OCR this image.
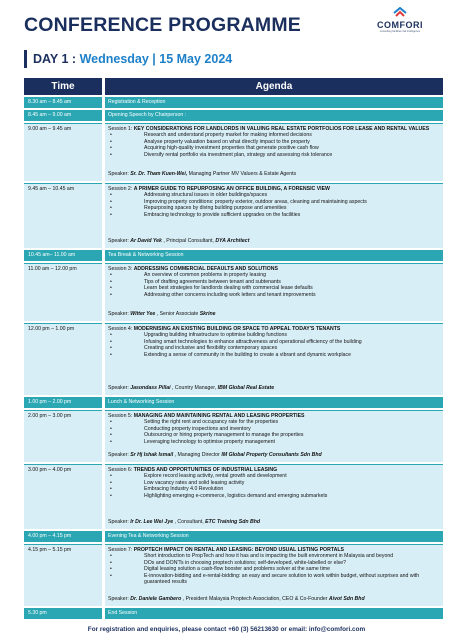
CONFERENCE PROGRAMME	COMFORI
consulting facilities risk intelligence
DAY 1 : Wednesday | 15 May 2024
Time	Agenda
8.30 am – 8.45 am	Registration & Reception
8.45 am – 9.00 am	Opening Speech by Chairperson :
9.00 am – 9.45 am	Session 1: KEY CONSIDERATIONS FOR LANDLORDS IN VALUING REAL ESTATE PORTFOLIOS FOR LEASE AND RENTAL VALUES
•	Research and understand property market for making informed decisions
•	Analyse property valuation based on what directly impact to the property
•	Acquiring high-quality investment properties that generate positive cash flow
•	Diversify rental portfolio via investment plan, strategy and assessing risk tolerance
Speaker: Sr. Dr. Tham Kuen-Wei, Managing Partner MV Valuers & Estate Agents
9.45 am – 10.45 am	Session 2: A PRIMER GUIDE TO REPURPOSING AN OFFICE BUILDING, A FORENSIC VIEW
•	Addressing structural issues in older buildings/spaces
•	Improving property conditions: property exterior, outdoor areas, cleaning and maintaining aspects
•	Repurposing spaces by diving building purpose and amenities
•	Embracing technology to provide sufficient upgrades on the facilities
Speaker: Ar David Yek , Principal Consultant, DYA Architect
10.45 am– 11.00 am	Tea Break & Networking Session
11.00 am – 12.00 pm	Session 3: ADDRESSING COMMERCIAL DEFAULTS AND SOLUTIONS
•	An overview of common problems in property leasing
•	Tips of drafting agreements between tenant and subtenants
•	Learn best strategies for landlords dealing with commercial lease defaults
•	Addressing other concerns including work letters and tenant improvements
Speaker: Witter Yee , Senior Associate Skrine
12.00 pm – 1.00 pm	Session 4: MODERNISING AN EXISTING BUILDING OR SPACE TO APPEAL TODAY'S TENANTS
•	Upgrading building infrastructure to optimise building functions
•	Infusing smart technologies to enhance attractiveness and operational efficiency of the building
•	Creating and inclusive and flexibility contemporary spaces
•	Extending a sense of community in the building to create a vibrant and dynamic workplace
Speaker: Jasondass Pillai , Country Manager, IBM Global Real Estate
1.00 pm – 2.00 pm	Lunch & Networking Session
2.00 pm – 3.00 pm	Session 5: MANAGING AND MAINTAINING RENTAL AND LEASING PROPERTIES
•	Setting the right rent and occupancy rate for the properties
•	Conducting property inspections and inventory
•	Outsourcing or hiring property management to manage the properties
•	Leveraging technology to optimise property management
Speaker: Sr Hj Ishak Ismail , Managing Director IM Global Property Consultants Sdn Bhd
3.00 pm – 4.00 pm	Session 6: TRENDS AND OPPORTUNITIES OF INDUSTRIAL LEASING
•	Explore record leasing activity, rental growth and development
•	Low vacancy rates and solid leasing activity
•	Embracing Industry 4.0 Revolution
•	Highlighting emerging e-commerce, logistics demand and emerging submarkets
Speaker: Ir Dr. Lee Wei Jye , Consultant, ETC Training Sdn Bhd
4.00 pm – 4.15 pm	Evening Tea & Networking Session
4.15 pm – 5.15 pm	Session 7: PROPTECH IMPACT ON RENTAL AND LEASING: BEYOND USUAL LISTING PORTALS
•	Short introduction to PropTech and how it has and is impacting the built environment in Malaysia and beyond
•	DOs and DON'Ts in choosing proptech solutions; self-developed, white-labelled or else?
•	Digital leasing solution a cash-flow booster and problems solver at the same time
•	E-innovation-bidding and e-rental-bidding: an easy and secure solution to work within budget, without surprises and with guaranteed results
Speaker: Dr. Daniele Gambero , President Malaysia Proptech Association, CEO & Co-Founder Aivot Sdn Bhd
5.30 pm	End Session
For registration and enquiries, please contact +60 (3) 56213630 or email: info@comfori.com
